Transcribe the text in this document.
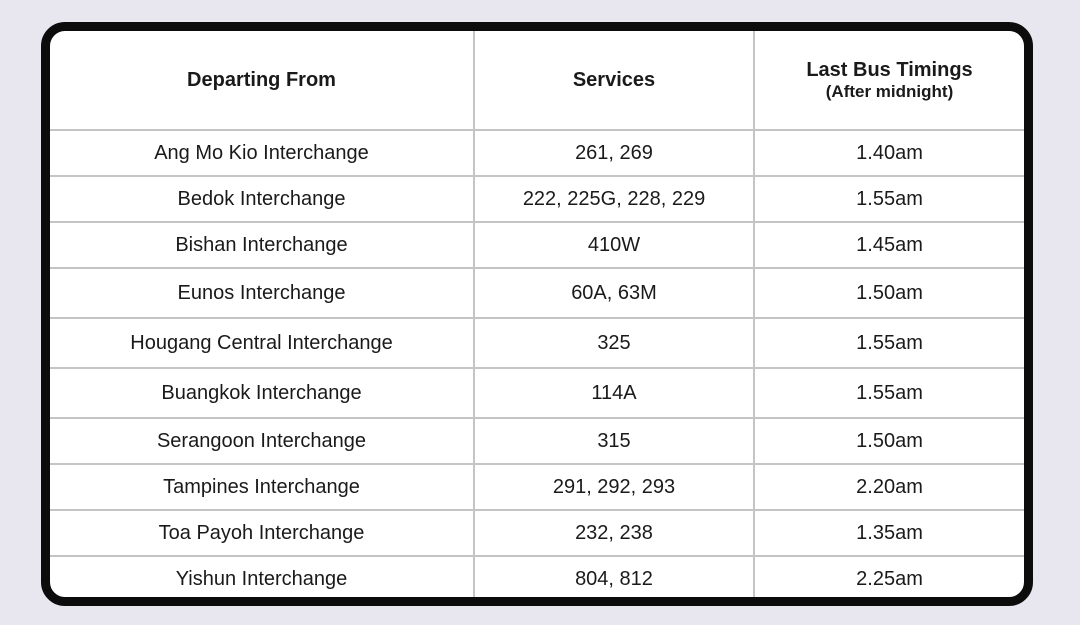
Departing From	Services	Last Bus Timings
(After midnight)

Ang Mo Kio Interchange	261, 269	1.40am
Bedok Interchange	222, 225G, 228, 229	1.55am
Bishan Interchange	410W	1.45am
Eunos Interchange	60A, 63M	1.50am
Hougang Central Interchange	325	1.55am
Buangkok Interchange	114A	1.55am
Serangoon Interchange	315	1.50am
Tampines Interchange	291, 292, 293	2.20am
Toa Payoh Interchange	232, 238	1.35am
Yishun Interchange	804, 812	2.25am
